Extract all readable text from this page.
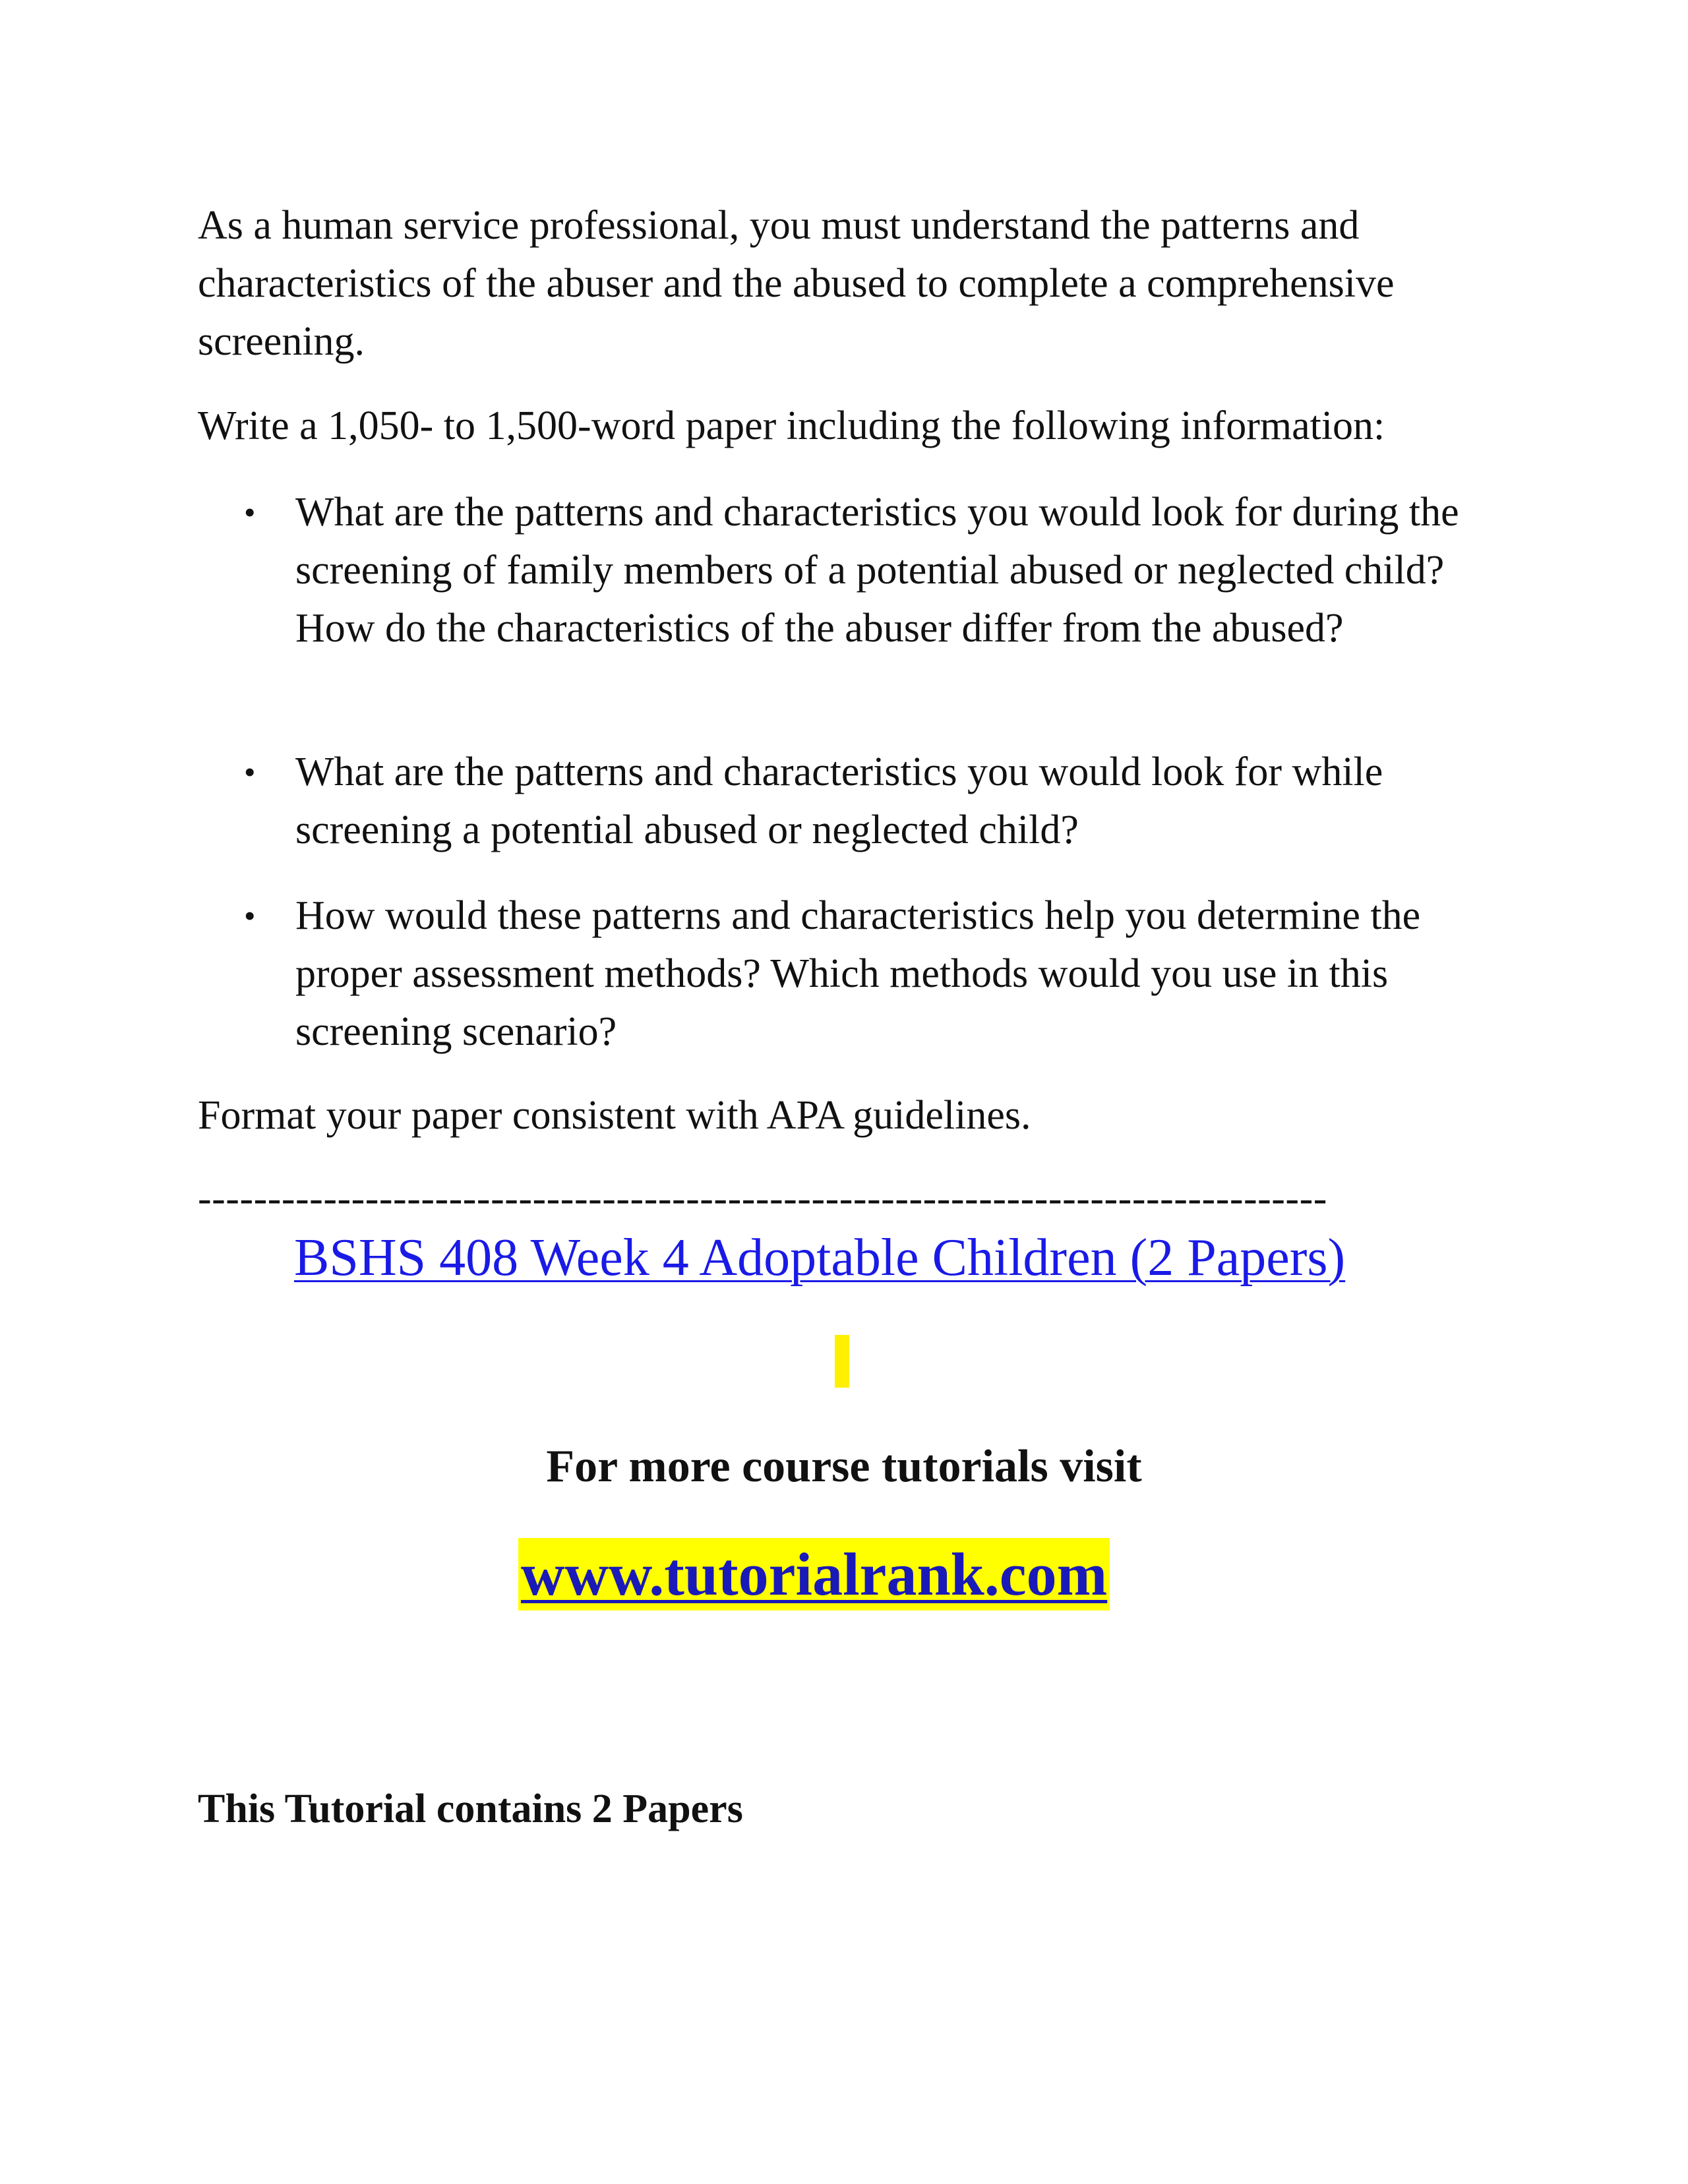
As a human service professional, you must understand the patterns and characteristics of the abuser and the abused to complete a comprehensive screening.

Write a 1,050- to 1,500-word paper including the following information:

• What are the patterns and characteristics you would look for during the screening of family members of a potential abused or neglected child? How do the characteristics of the abuser differ from the abused?
• What are the patterns and characteristics you would look for while screening a potential abused or neglected child?
• How would these patterns and characteristics help you determine the proper assessment methods? Which methods would you use in this screening scenario?

Format your paper consistent with APA guidelines.

---------------------------------------------------------------------------------
BSHS 408 Week 4 Adoptable Children (2 Papers)
For more course tutorials visit
www.tutorialrank.com
This Tutorial contains 2 Papers
